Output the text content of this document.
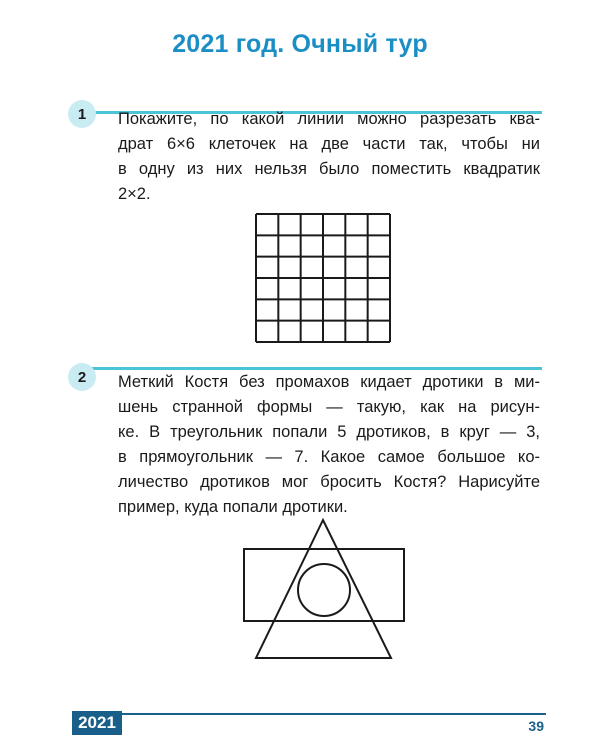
2021 год. Очный тур
1	Покажите, по какой линии можно разрезать ква-
драт 6×6 клеточек на две части так, чтобы ни
в одну из них нельзя было поместить квадратик
2×2.
2	Меткий Костя без промахов кидает дротики в ми-
шень странной формы — такую, как на рисун-
ке. В треугольник попали 5 дротиков, в круг — 3,
в прямоугольник — 7. Какое самое большое ко-
личество дротиков мог бросить Костя? Нарисуйте
пример, куда попали дротики.
2021	39
